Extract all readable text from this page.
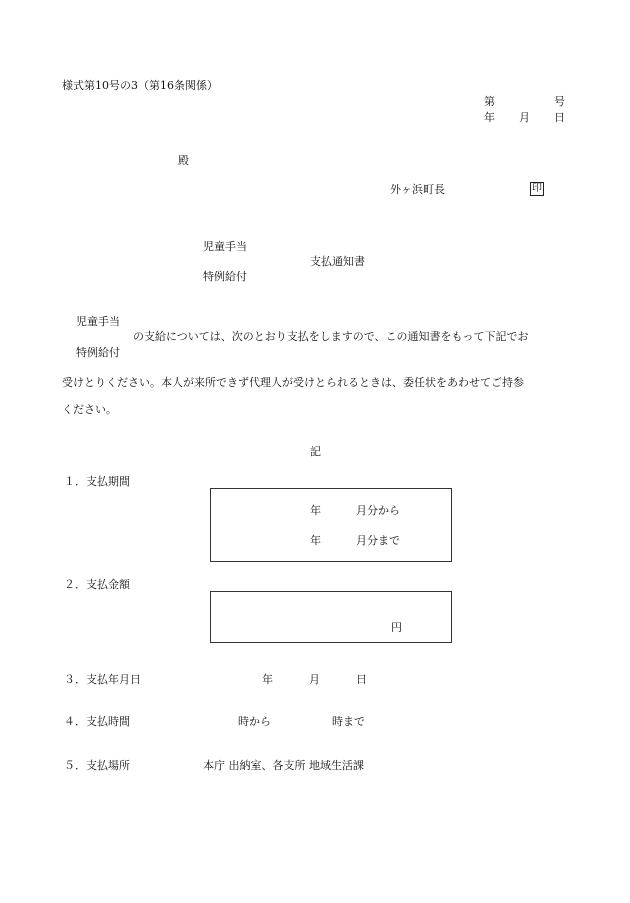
様式第10号の3（第16条関係）
第	号
年 月 日
殿
外ヶ浜町長	印
児童手当
支払通知書
特例給付
児童手当
の支給については、次のとおり支払をしますので、この通知書をもって下記でお
特例給付
受けとりください。本人が来所できず代理人が受けとられるときは、委任状をあわせてご持参
ください。
記
１．支払期間
年	月分から
年	月分まで
２．支払金額
円
３．支払年月日	年	月	日
４．支払時間	時から	時まで
５．支払場所	本庁 出納室、各支所 地域生活課
